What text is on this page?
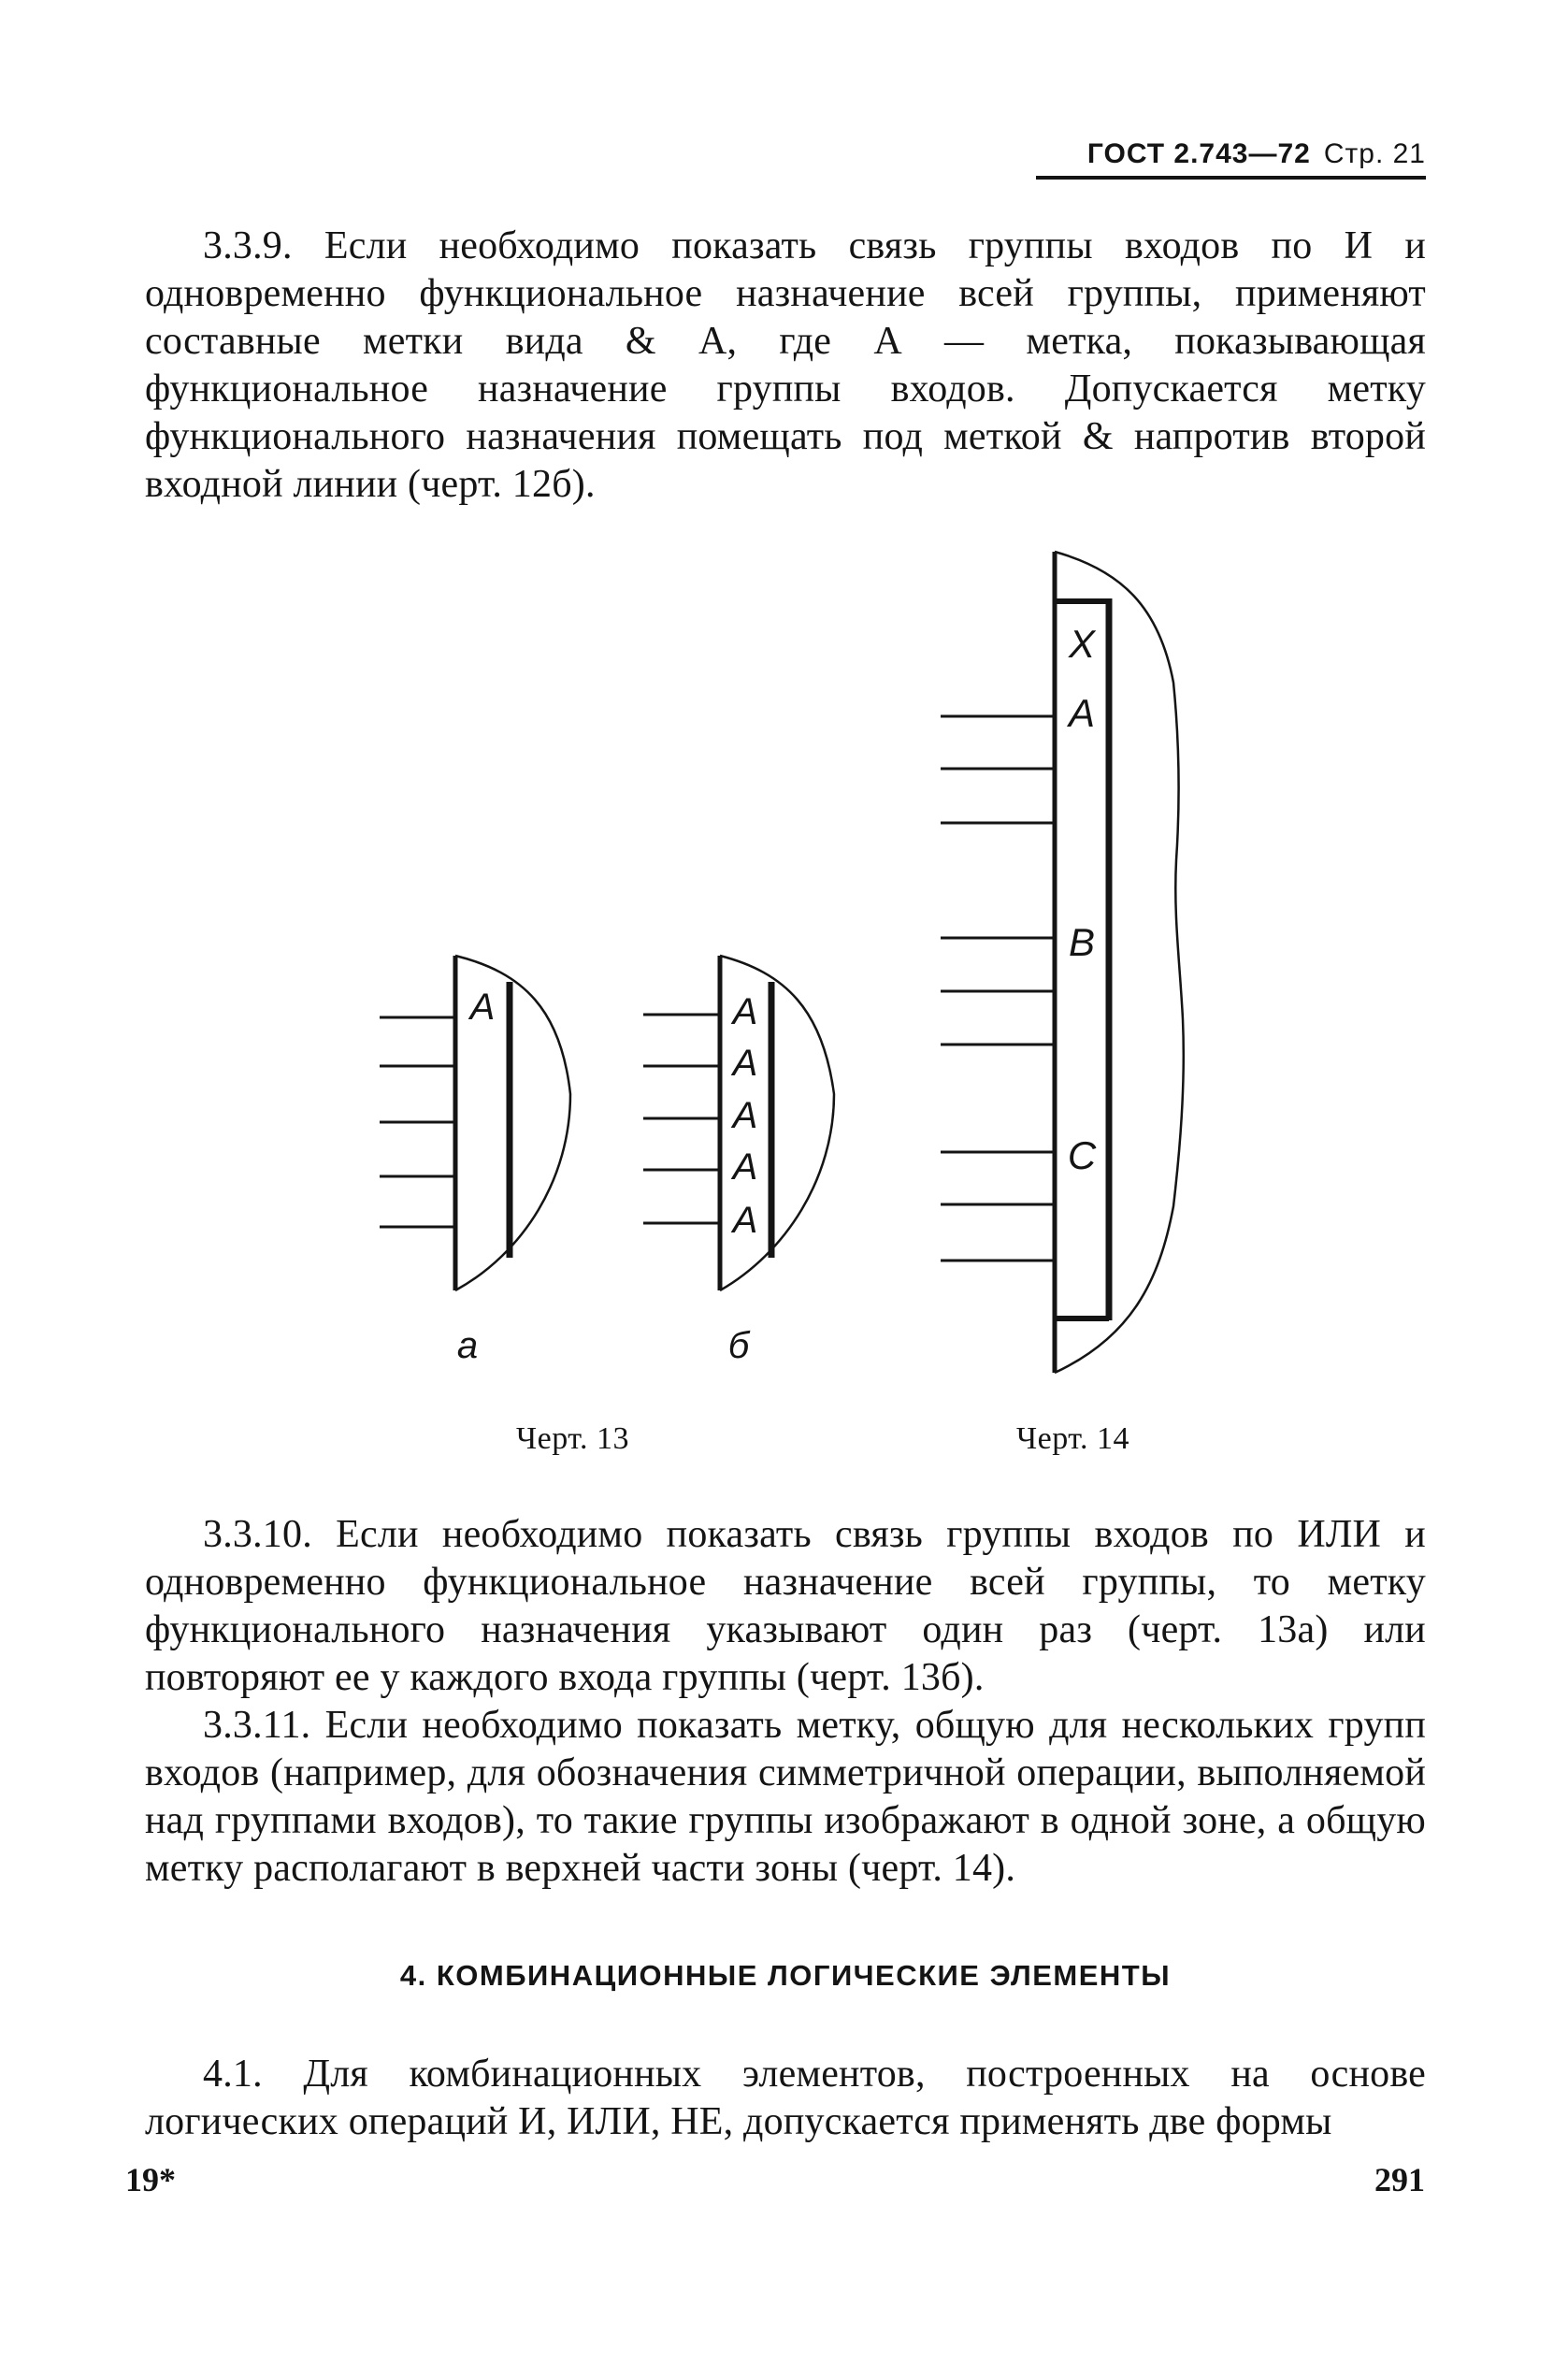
ГОСТ 2.743—72 Стр. 21

3.3.9. Если необходимо показать связь группы входов по И и одновременно функциональное назначение всей группы, применяют составные метки вида & А, где А — метка, показывающая функциональное назначение группы входов. Допускается метку функционального назначения помещать под меткой & напротив второй входной линии (черт. 12б).

A
a
A
A
A
A
A
б
X
A
B
C
Черт. 13	Черт. 14

3.3.10. Если необходимо показать связь группы входов по ИЛИ и одновременно функциональное назначение всей группы, то метку функционального назначения указывают один раз (черт. 13а) или повторяют ее у каждого входа группы (черт. 13б).

3.3.11. Если необходимо показать метку, общую для нескольких групп входов (например, для обозначения симметричной операции, выполняемой над группами входов), то такие группы изображают в одной зоне, а общую метку располагают в верхней части зоны (черт. 14).

4. КОМБИНАЦИОННЫЕ ЛОГИЧЕСКИЕ ЭЛЕМЕНТЫ

4.1. Для комбинационных элементов, построенных на основе логических операций И, ИЛИ, НЕ, допускается применять две формы

19*	291
